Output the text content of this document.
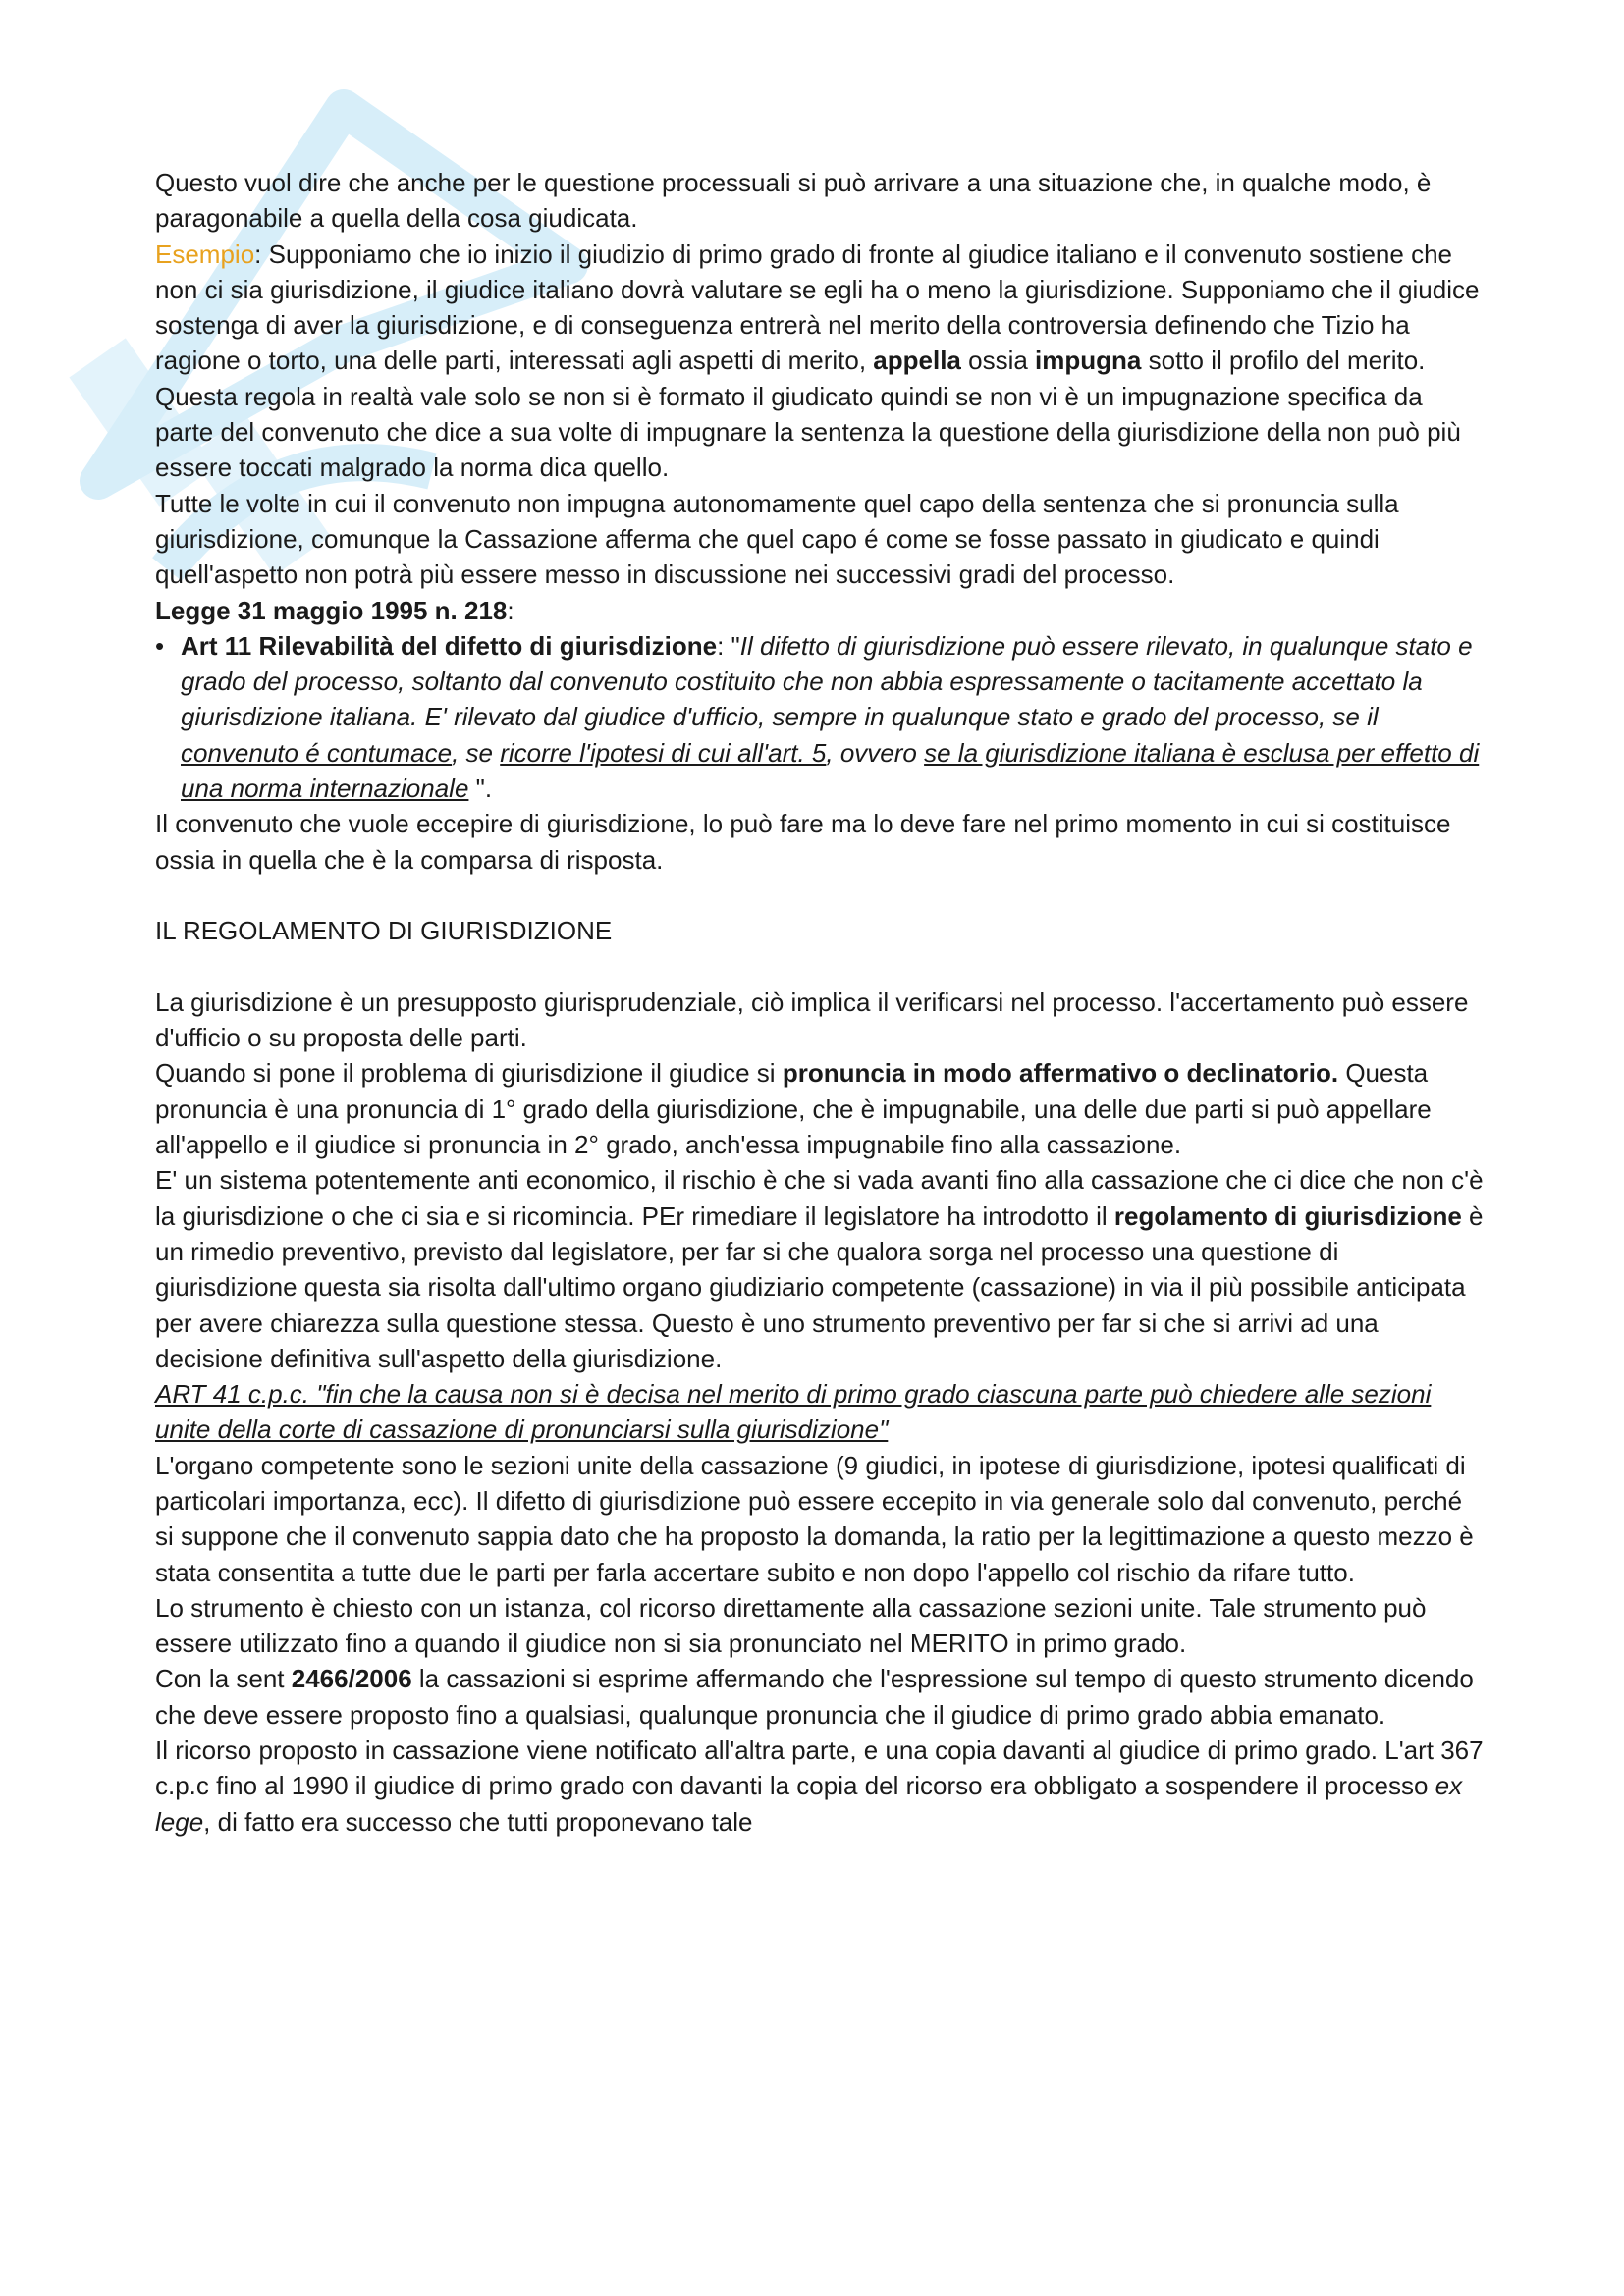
Questo vuol dire che anche per le questione processuali si può arrivare a una situazione che, in qualche modo, è paragonabile a quella della cosa giudicata.

Esempio: Supponiamo che io inizio il giudizio di primo grado di fronte al giudice italiano e il convenuto sostiene che non ci sia giurisdizione, il giudice italiano dovrà valutare se egli ha o meno la giurisdizione. Supponiamo che il giudice sostenga di aver la giurisdizione, e di conseguenza entrerà nel merito della controversia definendo che Tizio ha ragione o torto, una delle parti, interessati agli aspetti di merito, appella ossia impugna sotto il profilo del merito. Questa regola in realtà vale solo se non si è formato il giudicato quindi se non vi è un impugnazione specifica da parte del convenuto che dice a sua volte di impugnare la sentenza la questione della giurisdizione della non può più essere toccati malgrado la norma dica quello.

Tutte le volte in cui il convenuto non impugna autonomamente quel capo della sentenza che si pronuncia sulla giurisdizione, comunque la Cassazione afferma che quel capo é come se fosse passato in giudicato e quindi quell'aspetto non potrà più essere messo in discussione nei successivi gradi del processo.

Legge 31 maggio 1995 n. 218:

• Art 11 Rilevabilità del difetto di giurisdizione: "Il difetto di giurisdizione può essere rilevato, in qualunque stato e grado del processo, soltanto dal convenuto costituito che non abbia espressamente o tacitamente accettato la giurisdizione italiana. E' rilevato dal giudice d'ufficio, sempre in qualunque stato e grado del processo, se il convenuto é contumace, se ricorre l'ipotesi di cui all'art. 5, ovvero se la giurisdizione italiana è esclusa per effetto di una norma internazionale ".

Il convenuto che vuole eccepire di giurisdizione, lo può fare ma lo deve fare nel primo momento in cui si costituisce ossia in quella che è la comparsa di risposta.

IL REGOLAMENTO DI GIURISDIZIONE

La giurisdizione è un presupposto giurisprudenziale, ciò implica il verificarsi nel processo. l'accertamento può essere d'ufficio o su proposta delle parti.

Quando si pone il problema di giurisdizione il giudice si pronuncia in modo affermativo o declinatorio. Questa pronuncia è una pronuncia di 1° grado della giurisdizione, che è impugnabile, una delle due parti si può appellare all'appello e il giudice si pronuncia in 2° grado, anch'essa impugnabile fino alla cassazione.

E' un sistema potentemente anti economico, il rischio è che si vada avanti fino alla cassazione che ci dice che non c'è la giurisdizione o che ci sia e si ricomincia. PEr rimediare il legislatore ha introdotto il regolamento di giurisdizione è un rimedio preventivo, previsto dal legislatore, per far si che qualora sorga nel processo una questione di giurisdizione questa sia risolta dall'ultimo organo giudiziario competente (cassazione) in via il più possibile anticipata per avere chiarezza sulla questione stessa. Questo è uno strumento preventivo per far si che si arrivi ad una decisione definitiva sull'aspetto della giurisdizione.

ART 41 c.p.c. "fin che la causa non si è decisa nel merito di primo grado ciascuna parte può chiedere alle sezioni unite della corte di cassazione di pronunciarsi sulla giurisdizione"

L'organo competente sono le sezioni unite della cassazione (9 giudici, in ipotese di giurisdizione, ipotesi qualificati di particolari importanza, ecc). Il difetto di giurisdizione può essere eccepito in via generale solo dal convenuto, perché si suppone che il convenuto sappia dato che ha proposto la domanda, la ratio per la legittimazione a questo mezzo è stata consentita a tutte due le parti per farla accertare subito e non dopo l'appello col rischio da rifare tutto.

Lo strumento è chiesto con un istanza, col ricorso direttamente alla cassazione sezioni unite. Tale strumento può essere utilizzato fino a quando il giudice non si sia pronunciato nel MERITO in primo grado.

Con la sent 2466/2006 la cassazioni si esprime affermando che l'espressione sul tempo di questo strumento dicendo che deve essere proposto fino a qualsiasi, qualunque pronuncia che il giudice di primo grado abbia emanato.

Il ricorso proposto in cassazione viene notificato all'altra parte, e una copia davanti al giudice di primo grado. L'art 367 c.p.c fino al 1990 il giudice di primo grado con davanti la copia del ricorso era obbligato a sospendere il processo ex lege, di fatto era successo che tutti proponevano tale
